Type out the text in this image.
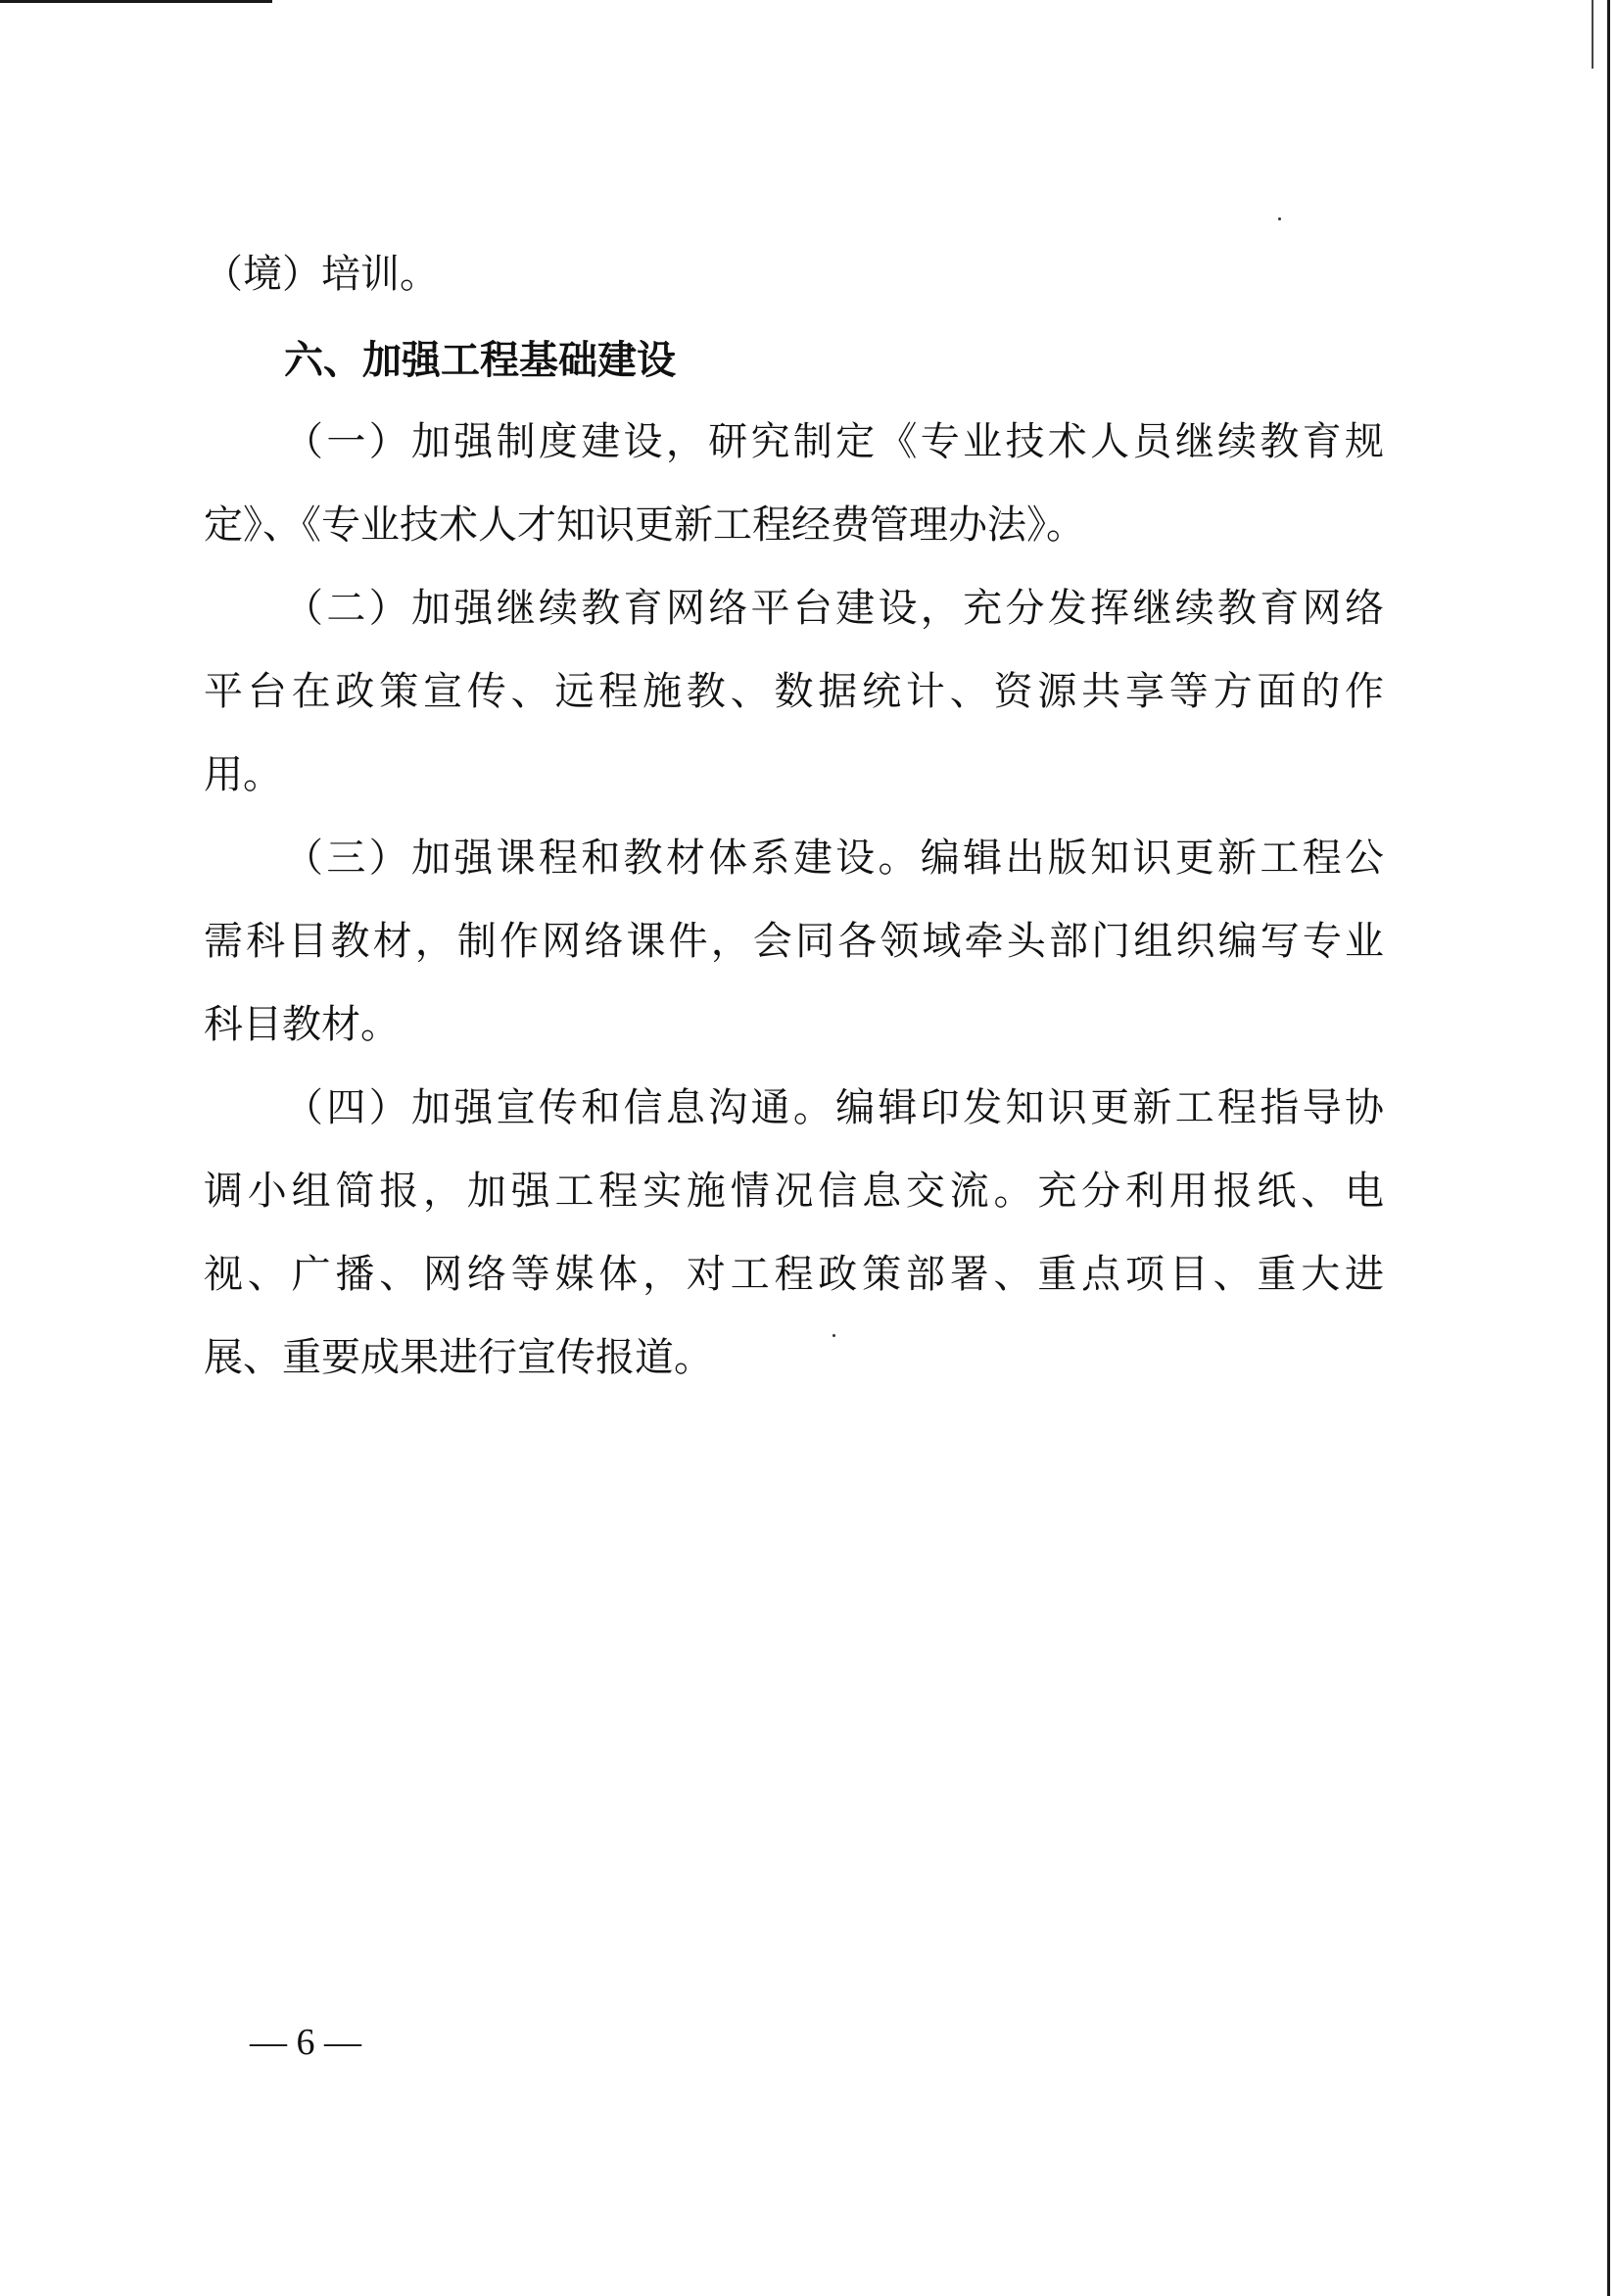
（境）培训。
六、加强工程基础建设
（一）加强制度建设，研究制定《专业技术人员继续教育规
定》、《专业技术人才知识更新工程经费管理办法》。
（二）加强继续教育网络平台建设，充分发挥继续教育网络
平台在政策宣传、远程施教、数据统计、资源共享等方面的作
用。
（三）加强课程和教材体系建设。编辑出版知识更新工程公
需科目教材，制作网络课件，会同各领域牵头部门组织编写专业
科目教材。
（四）加强宣传和信息沟通。编辑印发知识更新工程指导协
调小组简报，加强工程实施情况信息交流。充分利用报纸、电
视、广播、网络等媒体，对工程政策部署、重点项目、重大进
展、重要成果进行宣传报道。
— 6 —
